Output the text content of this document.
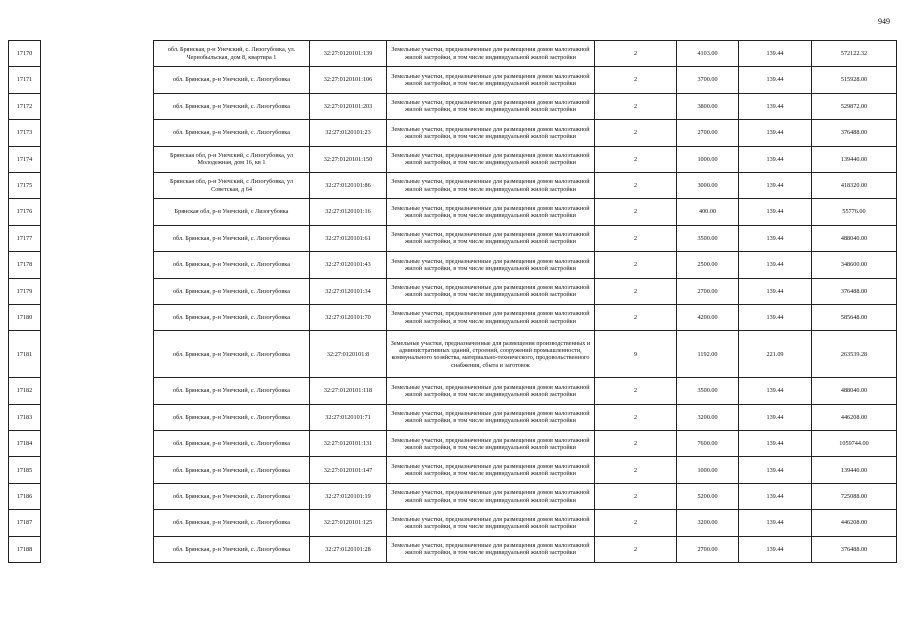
949
17170		обл. Брянская, р-н Унечский, с. Лизогубовка, ул. Чернобыльская, дом 8, квартира 1	32:27:0120101:139	Земельные участки, предназначенные для размещения домов малоэтажной жилой застройки, в том числе индивидуальной жилой застройки	2	4103.00	139.44	572122.32
17171		обл. Брянская, р-н Унечский, с. Лизогубовка	32:27:0120101:106	Земельные участки, предназначенные для размещения домов малоэтажной жилой застройки, в том числе индивидуальной жилой застройки	2	3700.00	139.44	515928.00
17172		обл. Брянская, р-н Унечский, с. Лизогубовка	32:27:0120101:203	Земельные участки, предназначенные для размещения домов малоэтажной жилой застройки, в том числе индивидуальной жилой застройки	2	3800.00	139.44	529872.00
17173		обл. Брянская, р-н Унечский, с. Лизогубовка	32:27:0120101:23	Земельные участки, предназначенные для размещения домов малоэтажной жилой застройки, в том числе индивидуальной жилой застройки	2	2700.00	139.44	376488.00
17174		Брянская обл, р-н Унечский, с Лизогубовка, ул Молодежная, дом 16, кв 1	32:27:0120101:150	Земельные участки, предназначенные для размещения домов малоэтажной жилой застройки, в том числе индивидуальной жилой застройки	2	1000.00	139.44	139440.00
17175		Брянская обл, р-н Унечский, с Лизогубовка, ул Советская, д 64	32:27:0120101:86	Земельные участки, предназначенные для размещения домов малоэтажной жилой застройки, в том числе индивидуальной жилой застройки	2	3000.00	139.44	418320.00
17176		Брянская обл, р-н Унечский, с Лизогубовка	32:27:0120101:16	Земельные участки, предназначенные для размещения домов малоэтажной жилой застройки, в том числе индивидуальной жилой застройки	2	400.00	139.44	55776.00
17177		обл. Брянская, р-н Унечский, с. Лизогубовка	32:27:0120101:61	Земельные участки, предназначенные для размещения домов малоэтажной жилой застройки, в том числе индивидуальной жилой застройки	2	3500.00	139.44	488040.00
17178		обл. Брянская, р-н Унечский, с. Лизогубовка	32:27:0120101:43	Земельные участки, предназначенные для размещения домов малоэтажной жилой застройки, в том числе индивидуальной жилой застройки	2	2500.00	139.44	348600.00
17179		обл. Брянская, р-н Унечский, с. Лизогубовка	32:27:0120101:34	Земельные участки, предназначенные для размещения домов малоэтажной жилой застройки, в том числе индивидуальной жилой застройки	2	2700.00	139.44	376488.00
17180		обл. Брянская, р-н Унечский, с. Лизогубовка	32:27:0120101:70	Земельные участки, предназначенные для размещения домов малоэтажной жилой застройки, в том числе индивидуальной жилой застройки	2	4200.00	139.44	585648.00
17181		обл. Брянская, р-н Унечский, с. Лизогубовка	32:27:0120101:8	Земельные участки, предназначенные для размещения производственных и административных зданий, строений, сооружений промышленности, коммунального хозяйства, материально-технического, продовольственного снабжения, сбыта и заготовок	9	1192.00	221.09	263539.28
17182		обл. Брянская, р-н Унечский, с. Лизогубовка	32:27:0120101:118	Земельные участки, предназначенные для размещения домов малоэтажной жилой застройки, в том числе индивидуальной жилой застройки	2	3500.00	139.44	488040.00
17183		обл. Брянская, р-н Унечский, с. Лизогубовка	32:27:0120101:71	Земельные участки, предназначенные для размещения домов малоэтажной жилой застройки, в том числе индивидуальной жилой застройки	2	3200.00	139.44	446208.00
17184		обл. Брянская, р-н Унечский, с. Лизогубовка	32:27:0120101:131	Земельные участки, предназначенные для размещения домов малоэтажной жилой застройки, в том числе индивидуальной жилой застройки	2	7600.00	139.44	1059744.00
17185		обл. Брянская, р-н Унечский, с. Лизогубовка	32:27:0120101:147	Земельные участки, предназначенные для размещения домов малоэтажной жилой застройки, в том числе индивидуальной жилой застройки	2	1000.00	139.44	139440.00
17186		обл. Брянская, р-н Унечский, с. Лизогубовка	32:27:0120101:19	Земельные участки, предназначенные для размещения домов малоэтажной жилой застройки, в том числе индивидуальной жилой застройки	2	5200.00	139.44	725088.00
17187		обл. Брянская, р-н Унечский, с. Лизогубовка	32:27:0120101:125	Земельные участки, предназначенные для размещения домов малоэтажной жилой застройки, в том числе индивидуальной жилой застройки	2	3200.00	139.44	446208.00
17188		обл. Брянская, р-н Унечский, с. Лизогубовка	32:27:0120101:28	Земельные участки, предназначенные для размещения домов малоэтажной жилой застройки, в том числе индивидуальной жилой застройки	2	2700.00	139.44	376488.00
